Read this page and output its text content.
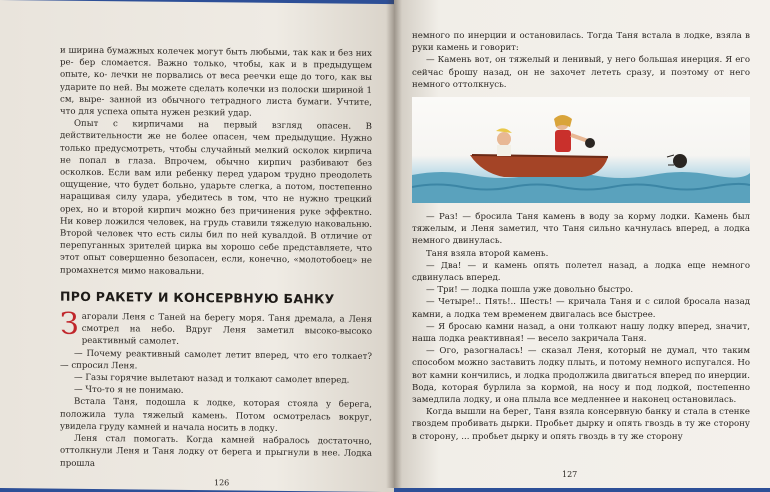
и ширина бумажных колечек могут быть любыми, так как и без них ре- бер сломается. Важно только, чтобы, как и в предыдущем опыте, ко- лечки не порвались от веса реечки еще до того, как вы ударите по ней. Вы можете сделать колечки из полоски шириной 1 см, выре- занной из обычного тетрадного листа бумаги. Учтите, что для успеха опыта нужен резкий удар.

Опыт с кирпичами на первый взгляд опасен. В действительности же не более опасен, чем предыдущие. Нужно только предусмотреть, чтобы случайный мелкий осколок кирпича не попал в глаза. Впрочем, обычно кирпич разбивают без осколков. Если вам или ребенку перед ударом трудно преодолеть ощущение, что будет больно, ударьте слегка, а потом, постепенно наращивая силу удара, убедитесь в том, что не нужно трецкий орех, но и второй кирпич можно без причинения руке эффектно. Ни ковер ложился человек, на грудь ставили тяжелую наковальню. Второй человек что есть силы бил по ней кувалдой. В отличие от перепуганных зрителей цирка вы хорошо себе представляете, что этот опыт совершенно безопасен, если, конечно, «молотобоец» не промахнется мимо наковальни.

ПРО РАКЕТУ И КОНСЕРВНУЮ БАНКУ

З агорали Леня с Таней на берегу моря. Таня дремала, а Леня смотрел на небо. Вдруг Леня заметил высоко-высоко реактивный самолет.

— Почему реактивный самолет летит вперед, что его толкает? — спросил Леня.

— Газы горячие вылетают назад и толкают самолет вперед.

— Что-то я не понимаю.

Встала Таня, подошла к лодке, которая стояла у берега, положила тула тяжелый камень. Потом осмотрелась вокруг, увидела груду камней и начала носить в лодку.

Леня стал помогать. Когда камней набралось достаточно, оттолкнули Леня и Таня лодку от берега и прыгнули в нее. Лодка прошла

126

немного по инерции и остановилась. Тогда Таня встала в лодке, взяла в руки камень и говорит:

— Камень вот, он тяжелый и ленивый, у него большая инерция. Я его сейчас брошу назад, он не захочет лететь сразу, и поэтому от него немного оттолкнусь.

— Раз! — бросила Таня камень в воду за корму лодки. Камень был тяжелым, и Леня заметил, что Таня сильно качнулась вперед, а лодка немного двинулась.

Таня взяла второй камень.

— Два! — и камень опять полетел назад, а лодка еще немного сдвинулась вперед.

— Три! — лодка пошла уже довольно быстро.

— Четыре!.. Пять!.. Шесть! — кричала Таня и с силой бросала назад камни, а лодка тем временем двигалась все быстрее.

— Я бросаю камни назад, а они толкают нашу лодку вперед, значит, наша лодка реактивная! — весело закричала Таня.

— Ого, разогналась! — сказал Леня, который не думал, что таким способом можно заставить лодку плыть, и потому немного испугался. Но вот камни кончились, и лодка продолжила двигаться вперед по инерции. Вода, которая бурлила за кормой, на носу и под лодкой, постепенно замедлила лодку, и она плыла все медленнее и наконец остановилась.

Когда вышли на берег, Таня взяла консервную банку и стала в стенке гвоздем пробивать дырки. Пробьет дырку и опять гвоздь в ту же сторону в сторону, ... пробьет дырку и опять гвоздь в ту же сторону

127
